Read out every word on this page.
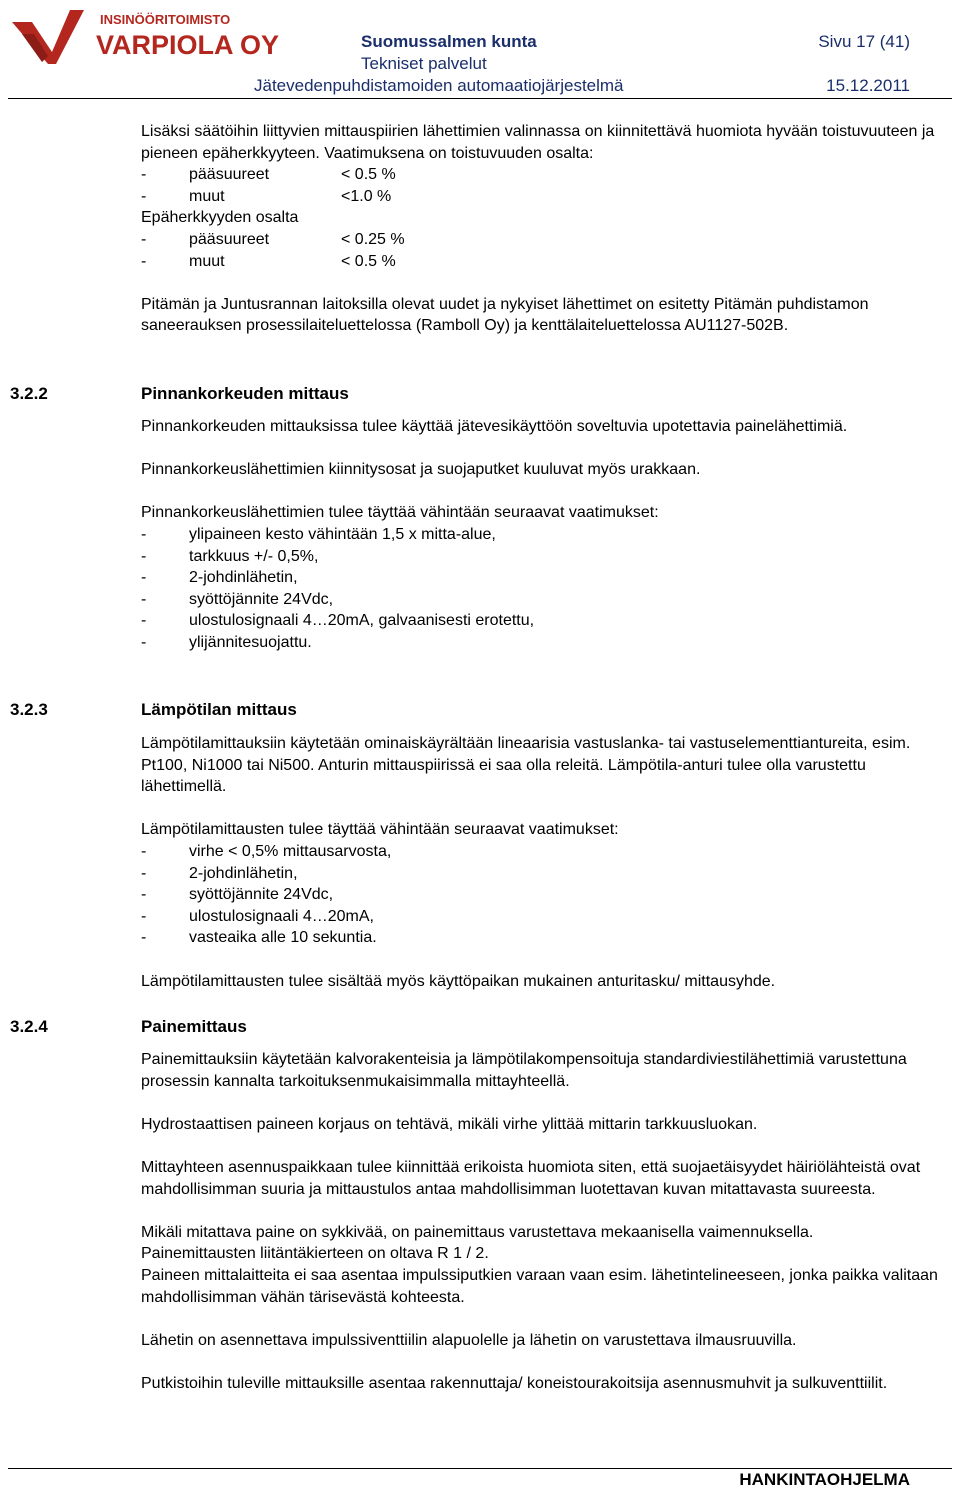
INSINÖÖRITOIMISTO
VARPIOLA OY	Suomussalmen kunta	Sivu 17 (41)
Tekniset palvelut
Jätevedenpuhdistamoiden automaatiojärjestelmä	15.12.2011

Lisäksi säätöihin liittyvien mittauspiirien lähettimien valinnassa on kiinnitettävä huomiota hyvään toistuvuuteen ja pieneen epäherkkyyteen. Vaatimuksena on toistuvuuden osalta:

-	pääsuureet	< 0.5 %
-	muut	<1.0 %

Epäherkkyyden osalta

-	pääsuureet	< 0.25 %
-	muut	< 0.5 %

Pitämän ja Juntusrannan laitoksilla olevat uudet ja nykyiset lähettimet on esitetty Pitämän puhdistamon saneerauksen prosessilaiteluettelossa (Ramboll Oy) ja kenttälaiteluettelossa AU1127-502B.

3.2.2	Pinnankorkeuden mittaus

Pinnankorkeuden mittauksissa tulee käyttää jätevesikäyttöön soveltuvia upotettavia painelähettimiä.

Pinnankorkeuslähettimien kiinnitysosat ja suojaputket kuuluvat myös urakkaan.

Pinnankorkeuslähettimien tulee täyttää vähintään seuraavat vaatimukset:

-	ylipaineen kesto vähintään 1,5 x mitta-alue,
-	tarkkuus +/- 0,5%,
-	2-johdinlähetin,
-	syöttöjännite 24Vdc,
-	ulostulosignaali 4…20mA, galvaanisesti erotettu,
-	ylijännitesuojattu.
3.2.3	Lämpötilan mittaus

Lämpötilamittauksiin käytetään ominaiskäyrältään lineaarisia vastuslanka- tai vastuselementtiantureita, esim. Pt100, Ni1000 tai Ni500. Anturin mittauspiirissä ei saa olla releitä. Lämpötila-anturi tulee olla varustettu lähettimellä.

Lämpötilamittausten tulee täyttää vähintään seuraavat vaatimukset:

-	virhe < 0,5% mittausarvosta,
-	2-johdinlähetin,
-	syöttöjännite 24Vdc,
-	ulostulosignaali 4…20mA,
-	vasteaika alle 10 sekuntia.

Lämpötilamittausten tulee sisältää myös käyttöpaikan mukainen anturitasku/ mittausyhde.

3.2.4	Painemittaus

Painemittauksiin käytetään kalvorakenteisia ja lämpötilakompensoituja standardiviestilähettimiä varustettuna prosessin kannalta tarkoituksenmukaisimmalla mittayhteellä.

Hydrostaattisen paineen korjaus on tehtävä, mikäli virhe ylittää mittarin tarkkuusluokan.

Mittayhteen asennuspaikkaan tulee kiinnittää erikoista huomiota siten, että suojaetäisyydet häiriölähteistä ovat mahdollisimman suuria ja mittaustulos antaa mahdollisimman luotettavan kuvan mitattavasta suureesta.

Mikäli mitattava paine on sykkivää, on painemittaus varustettava mekaanisella vaimennuksella.

Painemittausten liitäntäkierteen on oltava R 1 / 2.

Paineen mittalaitteita ei saa asentaa impulssiputkien varaan vaan esim. lähetintelineeseen, jonka paikka valitaan mahdollisimman vähän tärisevästä kohteesta.

Lähetin on asennettava impulssiventtiilin alapuolelle ja lähetin on varustettava ilmausruuvilla.

Putkistoihin tuleville mittauksille asentaa rakennuttaja/ koneistourakoitsija asennusmuhvit ja sulkuventtiilit.

HANKINTAOHJELMA
